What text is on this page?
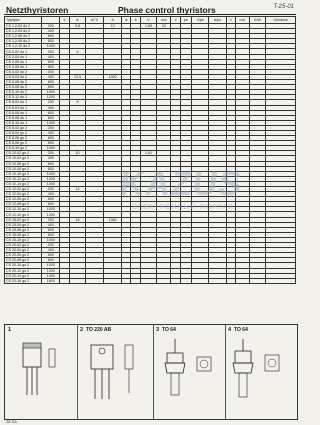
Netzthyristoren	Phase control thyristors	T-25-01
Typ/type		V	A	A/°C	A	A	A	V	mA	V	µs	V/µs	A/µs	V	mA	K/W	Gehäuse
CS 1,2-02 do 2	200		0,8		10			1,65	10								
CS 1,2-04 do 2	400																
CS 1,2-06 do 2	600																
CS 1,2-08 do 2	800																
CS 1,2-10 do 2	1000																
CS 2-02 do 1	200		6														
CS 2-04 do 1	400																
CS 2-06 do 1	600																
CS 2-08 do 1	800																
CS 5-02 do 2	200																
CS 5-04 do 2	400		12,5		1000												
CS 5-06 do 2	600																
CS 5-08 do 2	800																
CS 5-10 do 2	1000																
CS 5-12 do 2	1200																
CS 8-02 do 1	200		8														
CS 8-04 do 1	400																
CS 8-06 do 1	600																
CS 8-08 do 1	800																
CS 8-10 do 1	1000																
CS 8-02 go 2	200																
CS 8-04 go 2	400																
CS 8-06 go 2	600																
CS 8-08 go 2	800																
CS 8-10 go 2	1000																
CS 10-02 go 2	200		10					1,51									
CS 10-04 go 2	400																
CS 10-06 go 2	600																
CS 10-08 go 2	800																
CS 10-10 go 2	1000																
CS 10-12 go 2	1200																
CS 10-14 go 2	1400																
CS 12-02 go 2	200		12														
CS 12-04 go 2	400																
CS 12-06 go 2	600																
CS 12-08 go 2	800																
CS 12-10 go 2	1000																
CS 12-12 go 2	1200																
CS 15-02 go 2	200		15		1350												
CS 15-04 go 2	400																
CS 15-06 go 2	600																
CS 15-08 go 2	800																
CS 15-10 go 2	1000																
CS 20-02 go 2	200																
CS 20-04 go 2	400																
CS 20-06 go 2	600																
CS 20-08 go 2	800																
CS 20-10 go 2	1000																
CS 20-12 go 2	1200																
CS 20-14 go 2	1400																
CS 20-16 go 2	1600																
KAZUS
ЭЛЕКТРОННЫЙ ПОРТАЛ
1	2 TO 220 AB	3 TO 64	4 TO 64
28 SA
